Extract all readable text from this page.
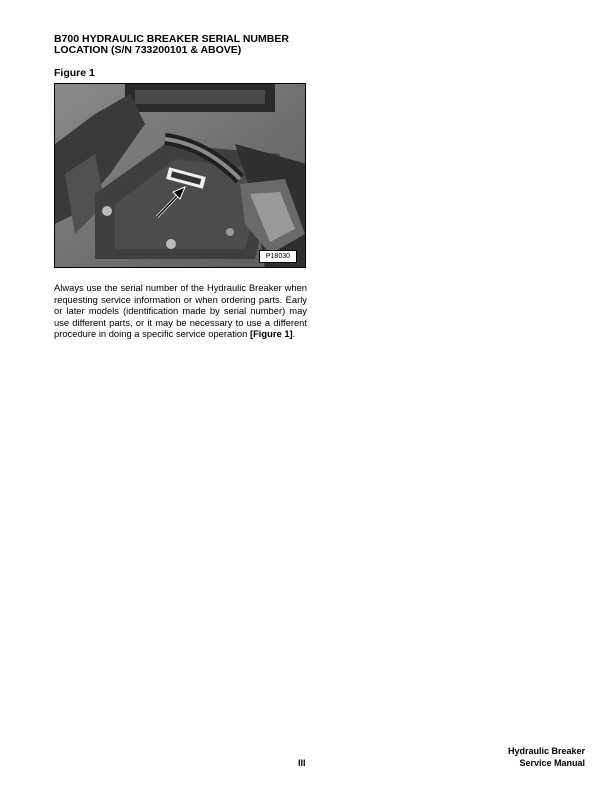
B700 HYDRAULIC BREAKER SERIAL NUMBER
LOCATION (S/N 733200101 & ABOVE)
Figure 1
P18030
Always use the serial number of the Hydraulic Breaker when requesting service information or when ordering parts. Early or later models (identification made by serial number) may use different parts, or it may be necessary to use a different procedure in doing a specific service operation [Figure 1].
III
Hydraulic Breaker
Service Manual
